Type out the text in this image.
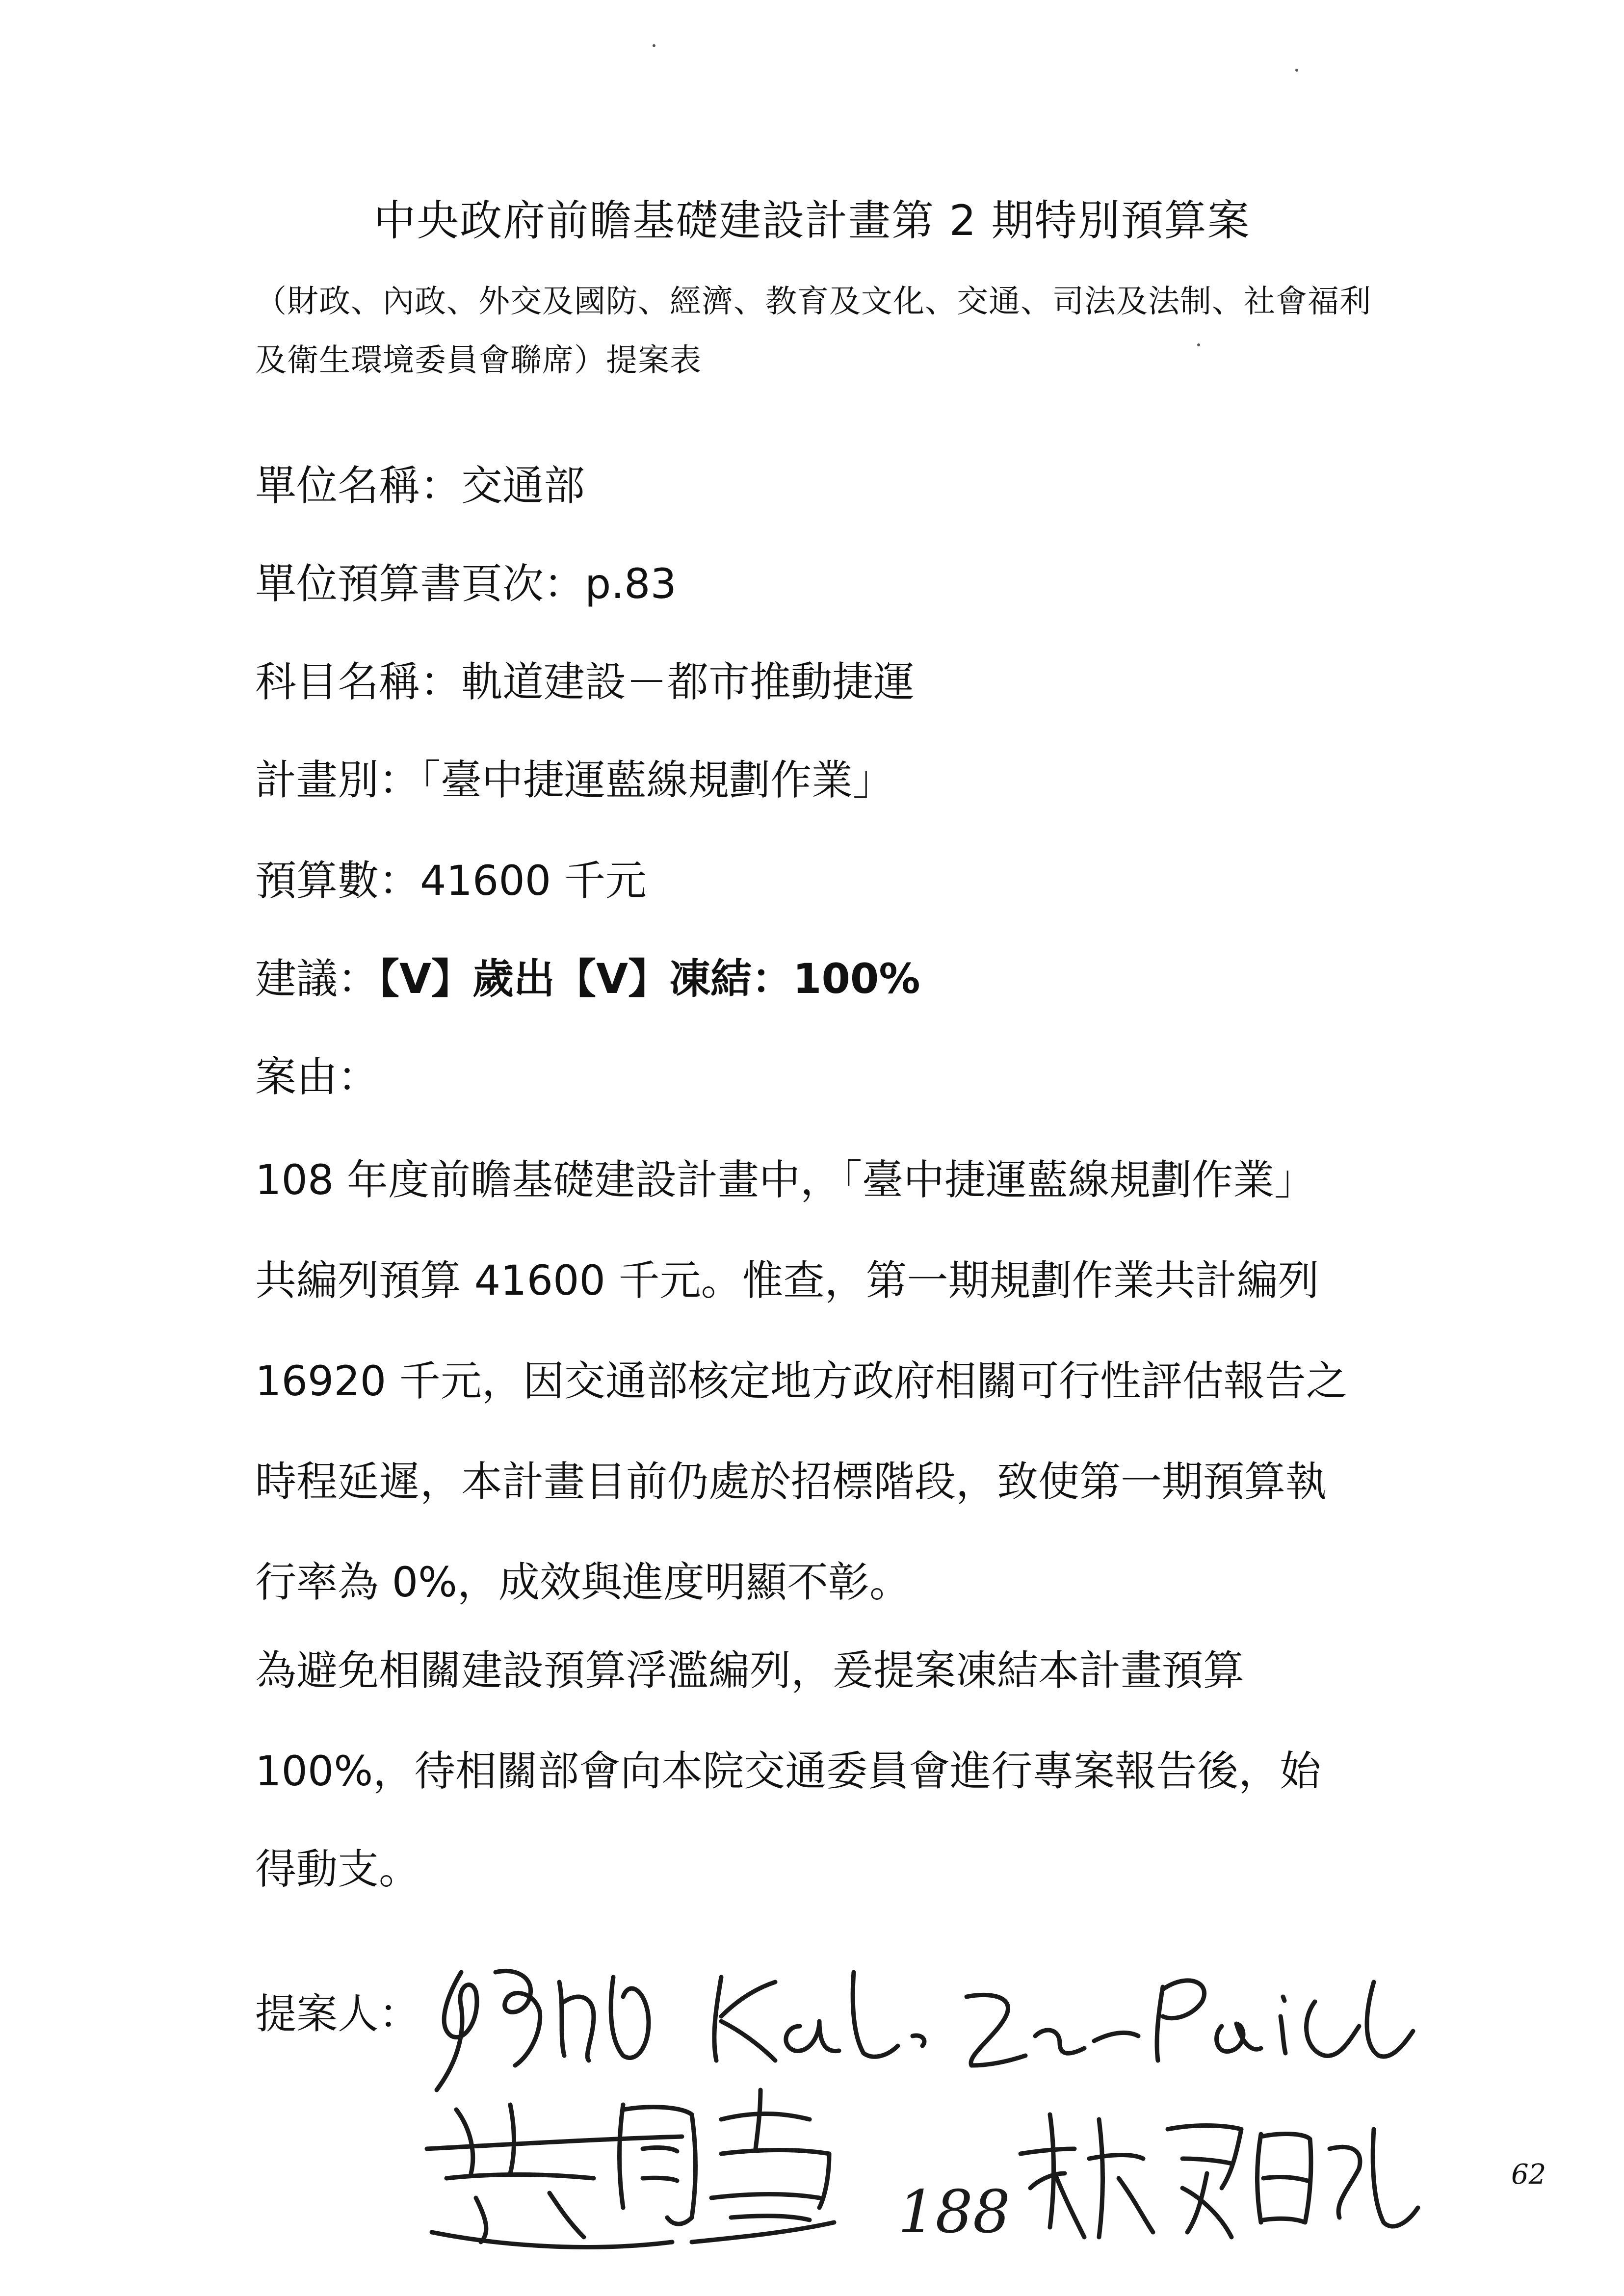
中央政府前瞻基礎建設計畫第 2 期特別預算案
（財政、內政、外交及國防、經濟、教育及文化、交通、司法及法制、社會福利
及衛生環境委員會聯席）提案表
單位名稱：交通部
單位預算書頁次：p.83
科目名稱：軌道建設－都市推動捷運
計畫別：「臺中捷運藍線規劃作業」
預算數：41600 千元
建議：【V】歲出【V】凍結：100%
案由：
108 年度前瞻基礎建設計畫中，「臺中捷運藍線規劃作業」
共編列預算 41600 千元。惟查，第一期規劃作業共計編列
16920 千元，因交通部核定地方政府相關可行性評估報告之
時程延遲，本計畫目前仍處於招標階段，致使第一期預算執
行率為 0%，成效與進度明顯不彰。
為避免相關建設預算浮濫編列，爰提案凍結本計畫預算
100%，待相關部會向本院交通委員會進行專案報告後，始
得動支。
提案人：
188
62
